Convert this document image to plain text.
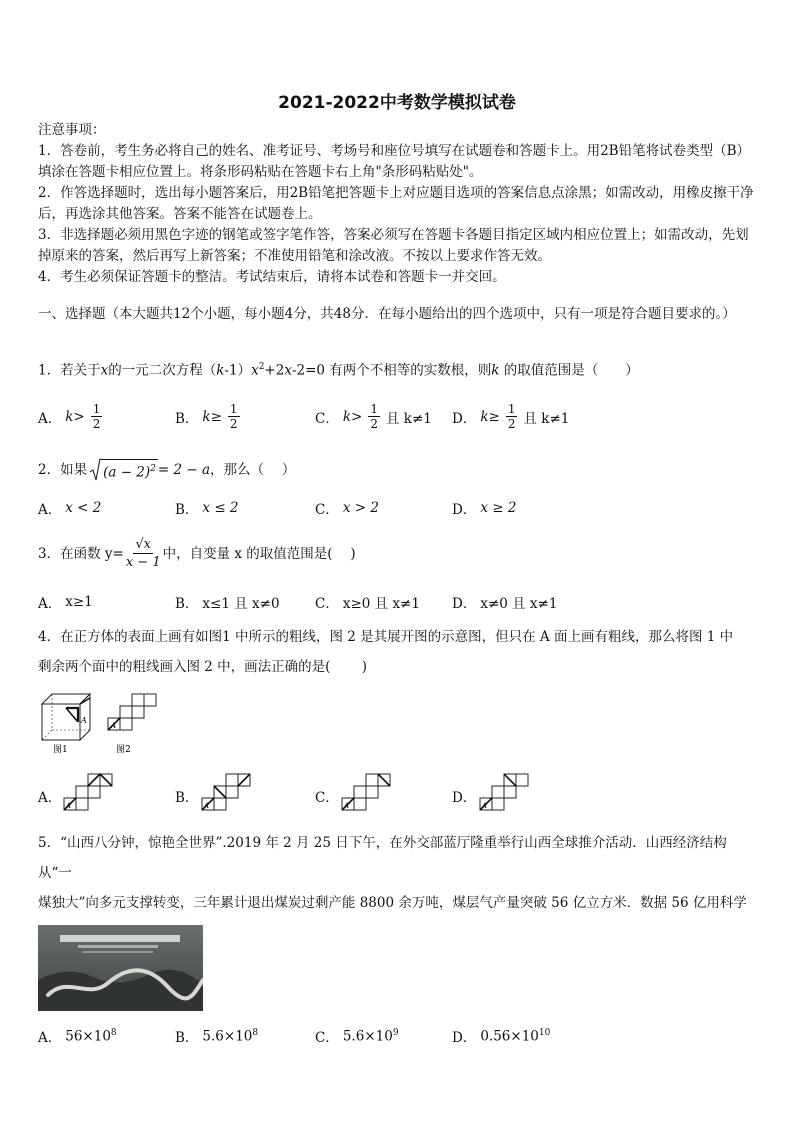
2021-2022中考数学模拟试卷

注意事项：

1．答卷前，考生务必将自己的姓名、准考证号、考场号和座位号填写在试题卷和答题卡上。用2B铅笔将试卷类型（B）填涂在答题卡相应位置上。将条形码粘贴在答题卡右上角"条形码粘贴处"。

2．作答选择题时，选出每小题答案后，用2B铅笔把答题卡上对应题目选项的答案信息点涂黑；如需改动，用橡皮擦干净后，再选涂其他答案。答案不能答在试题卷上。

3．非选择题必须用黑色字迹的钢笔或签字笔作答，答案必须写在答题卡各题目指定区域内相应位置上；如需改动，先划掉原来的答案，然后再写上新答案；不准使用铅笔和涂改液。不按以上要求作答无效。

4．考生必须保证答题卡的整洁。考试结束后，请将本试卷和答题卡一并交回。

一、选择题（本大题共12个小题，每小题4分，共48分．在每小题给出的四个选项中，只有一项是符合题目要求的。）

1．若关于x的一元二次方程$(k-1)x^2+2x-2=0$ 有两个不相等的实数根，则k 的取值范围是（　　）
A． $k> \frac{1}{2}$	B． $k\ge \frac{1}{2}$	C． $k> \frac{1}{2}$ 且 k≠1 D． $k\ge \frac{1}{2}$ 且 k≠1
2．如果 $(a - 2)^2 = 2 - a$ ，那么（　 ）
A． x < 2	B． x ≤ 2	C． x > 2	D． x ≥ 2
3．在函数 $y= \frac{√x}{x - 1}$ 中，自变量 x 的取值范围是(　 )
A． x≥1	B． x≤1 且 x≠0	C． x≥0 且 x≠1 D． x≠0 且 x≠1
4．在正方体的表面上画有如图1 中所示的粗线，图 2 是其展开图的示意图，但只在 A 面上画有粗线，那么将图 1 中
剩余两个面中的粗线画入图 2 中，画法正确的是(　　 )
A
图1
A
图2
A． A	B． A	C． A	D． A
5．“山西八分钟，惊艳全世界”.2019 年 2 月 25 日下午，在外交部蓝厅隆重举行山西全球推介活动．山西经济结构从“一
煤独大”向多元支撑转变，三年累计退出煤炭过剩产能 8800 余万吨，煤层气产量突破 56 亿立方米．数据 56 亿用科学
A． $56\times 10^8$	B． $5.6\times 10^8$	C． $5.6\times 10^9$	D． $0.56\times 10^{10}$
